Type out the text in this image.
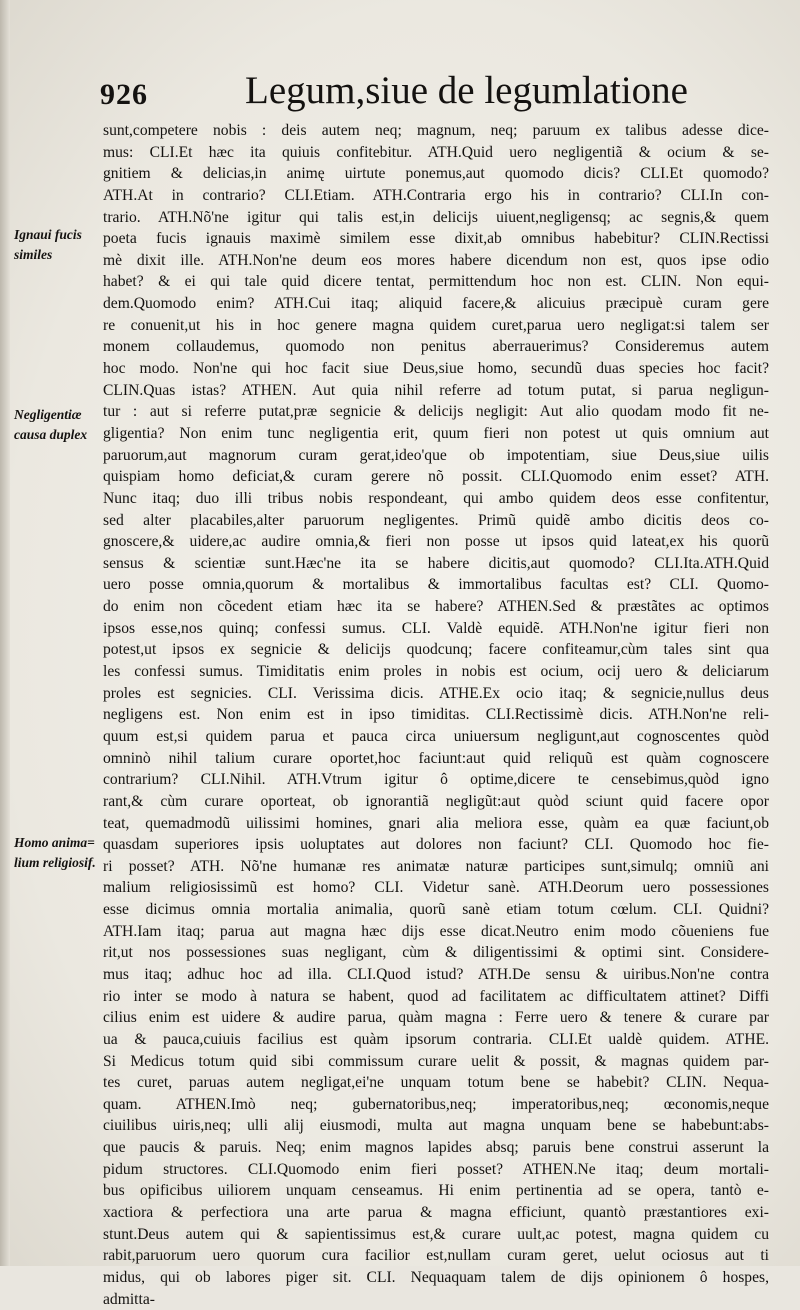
926 Legum,siue de legumlatione
Ignaui fucis
similes
Negligentiæ
causa duplex
Homo anima=
lium religiosif.
sunt,competere nobis : deis autem neq; magnum, neq; paruum ex talibus adesse dice-
mus: CLI.Et hæc ita quiuis confitebitur. ATH.Quid uero negligentiã & ocium & se-
gnitiem & delicias,in animę uirtute ponemus,aut quomodo dicis? CLI.Et quomodo?
ATH.At in contrario? CLI.Etiam. ATH.Contraria ergo his in contrario? CLI.In con-
trario. ATH.Nõ'ne igitur qui talis est,in delicijs uiuent,negligensq; ac segnis,& quem
poeta fucis ignauis maximè similem esse dixit,ab omnibus habebitur? CLIN.Rectissi
mè dixit ille. ATH.Non'ne deum eos mores habere dicendum non est, quos ipse odio
habet? & ei qui tale quid dicere tentat, permittendum hoc non est. CLIN. Non equi-
dem.Quomodo enim? ATH.Cui itaq; aliquid facere,& alicuius præcipuè curam gere
re conuenit,ut his in hoc genere magna quidem curet,parua uero negligat:si talem ser
monem collaudemus, quomodo non penitus aberrauerimus? Consideremus autem
hoc modo. Non'ne qui hoc facit siue Deus,siue homo, secundũ duas species hoc facit?
CLIN.Quas istas? ATHEN. Aut quia nihil referre ad totum putat, si parua negligun-
tur : aut si referre putat,præ segnicie & delicijs negligit: Aut alio quodam modo fit ne-
gligentia? Non enim tunc negligentia erit, quum fieri non potest ut quis omnium aut
paruorum,aut magnorum curam gerat,ideo'que ob impotentiam, siue Deus,siue uilis
quispiam homo deficiat,& curam gerere nõ possit. CLI.Quomodo enim esset? ATH.
Nunc itaq; duo illi tribus nobis respondeant, qui ambo quidem deos esse confitentur,
sed alter placabiles,alter paruorum negligentes. Primũ quidẽ ambo dicitis deos co-
gnoscere,& uidere,ac audire omnia,& fieri non posse ut ipsos quid lateat,ex his quorũ
sensus & scientiæ sunt.Hæc'ne ita se habere dicitis,aut quomodo? CLI.Ita.ATH.Quid
uero posse omnia,quorum & mortalibus & immortalibus facultas est? CLI. Quomo-
do enim non cõcedent etiam hæc ita se habere? ATHEN.Sed & præstãtes ac optimos
ipsos esse,nos quinq; confessi sumus. CLI. Valdè equidẽ. ATH.Non'ne igitur fieri non
potest,ut ipsos ex segnicie & delicijs quodcunq; facere confiteamur,cùm tales sint qua
les confessi sumus. Timiditatis enim proles in nobis est ocium, ocij uero & deliciarum
proles est segnicies. CLI. Verissima dicis. ATHE.Ex ocio itaq; & segnicie,nullus deus
negligens est. Non enim est in ipso timiditas. CLI.Rectissimè dicis. ATH.Non'ne reli-
quum est,si quidem parua et pauca circa uniuersum negligunt,aut cognoscentes quòd
omninò nihil talium curare oportet,hoc faciunt:aut quid reliquũ est quàm cognoscere
contrarium? CLI.Nihil. ATH.Vtrum igitur ô optime,dicere te censebimus,quòd igno
rant,& cùm curare oporteat, ob ignorantiã negligũt:aut quòd sciunt quid facere opor
teat, quemadmodũ uilissimi homines, gnari alia meliora esse, quàm ea quæ faciunt,ob
quasdam superiores ipsis uoluptates aut dolores non faciunt? CLI. Quomodo hoc fie-
ri posset? ATH. Nõ'ne humanæ res animatæ naturæ participes sunt,simulq; omniũ ani
malium religiosissimũ est homo? CLI. Videtur sanè. ATH.Deorum uero possessiones
esse dicimus omnia mortalia animalia, quorũ sanè etiam totum cœlum. CLI. Quidni?
ATH.Iam itaq; parua aut magna hæc dijs esse dicat.Neutro enim modo cõueniens fue
rit,ut nos possessiones suas negligant, cùm & diligentissimi & optimi sint. Considere-
mus itaq; adhuc hoc ad illa. CLI.Quod istud? ATH.De sensu & uiribus.Non'ne contra
rio inter se modo à natura se habent, quod ad facilitatem ac difficultatem attinet? Diffi
cilius enim est uidere & audire parua, quàm magna : Ferre uero & tenere & curare par
ua & pauca,cuiuis facilius est quàm ipsorum contraria. CLI.Et ualdè quidem. ATHE.
Si Medicus totum quid sibi commissum curare uelit & possit, & magnas quidem par-
tes curet, paruas autem negligat,ei'ne unquam totum bene se habebit? CLIN. Nequa-
quam. ATHEN.Imò neq; gubernatoribus,neq; imperatoribus,neq; œconomis,neque
ciuilibus uiris,neq; ulli alij eiusmodi, multa aut magna unquam bene se habebunt:abs-
que paucis & paruis. Neq; enim magnos lapides absq; paruis bene construi asserunt la
pidum structores. CLI.Quomodo enim fieri posset? ATHEN.Ne itaq; deum mortali-
bus opificibus uiliorem unquam censeamus. Hi enim pertinentia ad se opera, tantò e-
xactiora & perfectiora una arte parua & magna efficiunt, quantò præstantiores exi-
stunt.Deus autem qui & sapientissimus est,& curare uult,ac potest, magna quidem cu
rabit,paruorum uero quorum cura facilior est,nullam curam geret, uelut ociosus aut ti
midus, qui ob labores piger sit. CLI. Nequaquam talem de dijs opinionem ô hospes,
admitta-
